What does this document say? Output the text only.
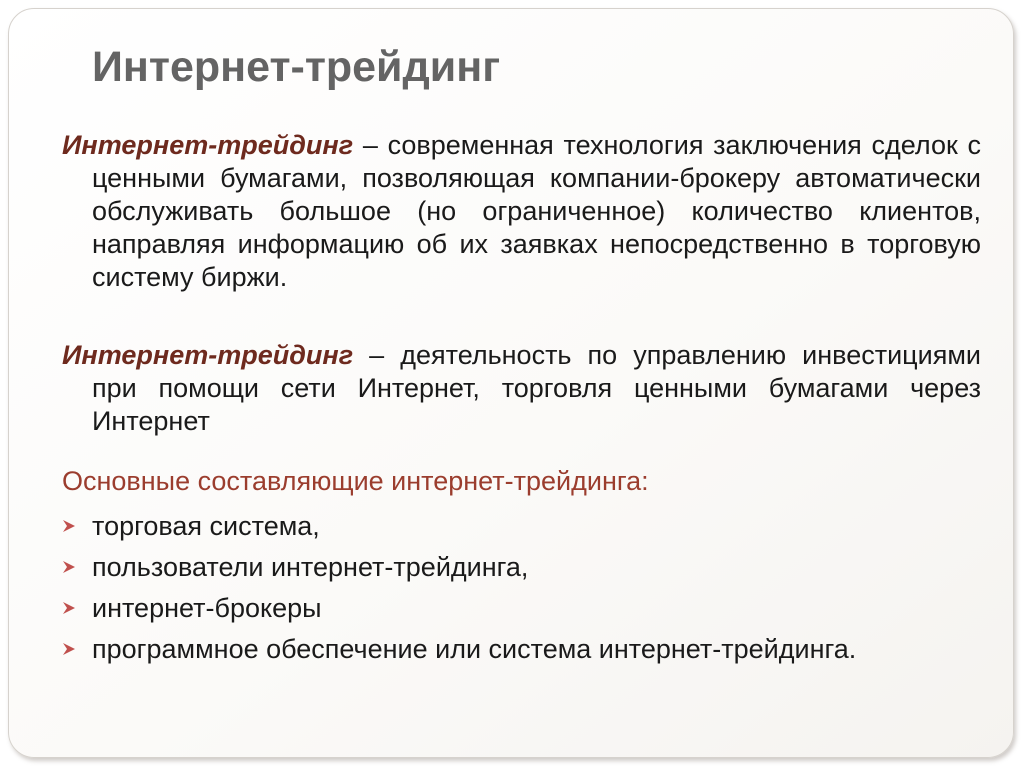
Интернет-трейдинг

Интернет-трейдинг – современная технология заключения сделок с ценными бумагами, позволяющая компании-брокеру автоматически обслуживать большое (но ограниченное) количество клиентов, направляя информацию об их заявках непосредственно в торговую систему биржи.

Интернет-трейдинг – деятельность по управлению инвестициями при помощи сети Интернет, торговля ценными бумагами через Интернет

Основные составляющие интернет-трейдинга:

торговая система,
пользователи интернет-трейдинга,
интернет-брокеры
программное обеспечение или система интернет-трейдинга.
